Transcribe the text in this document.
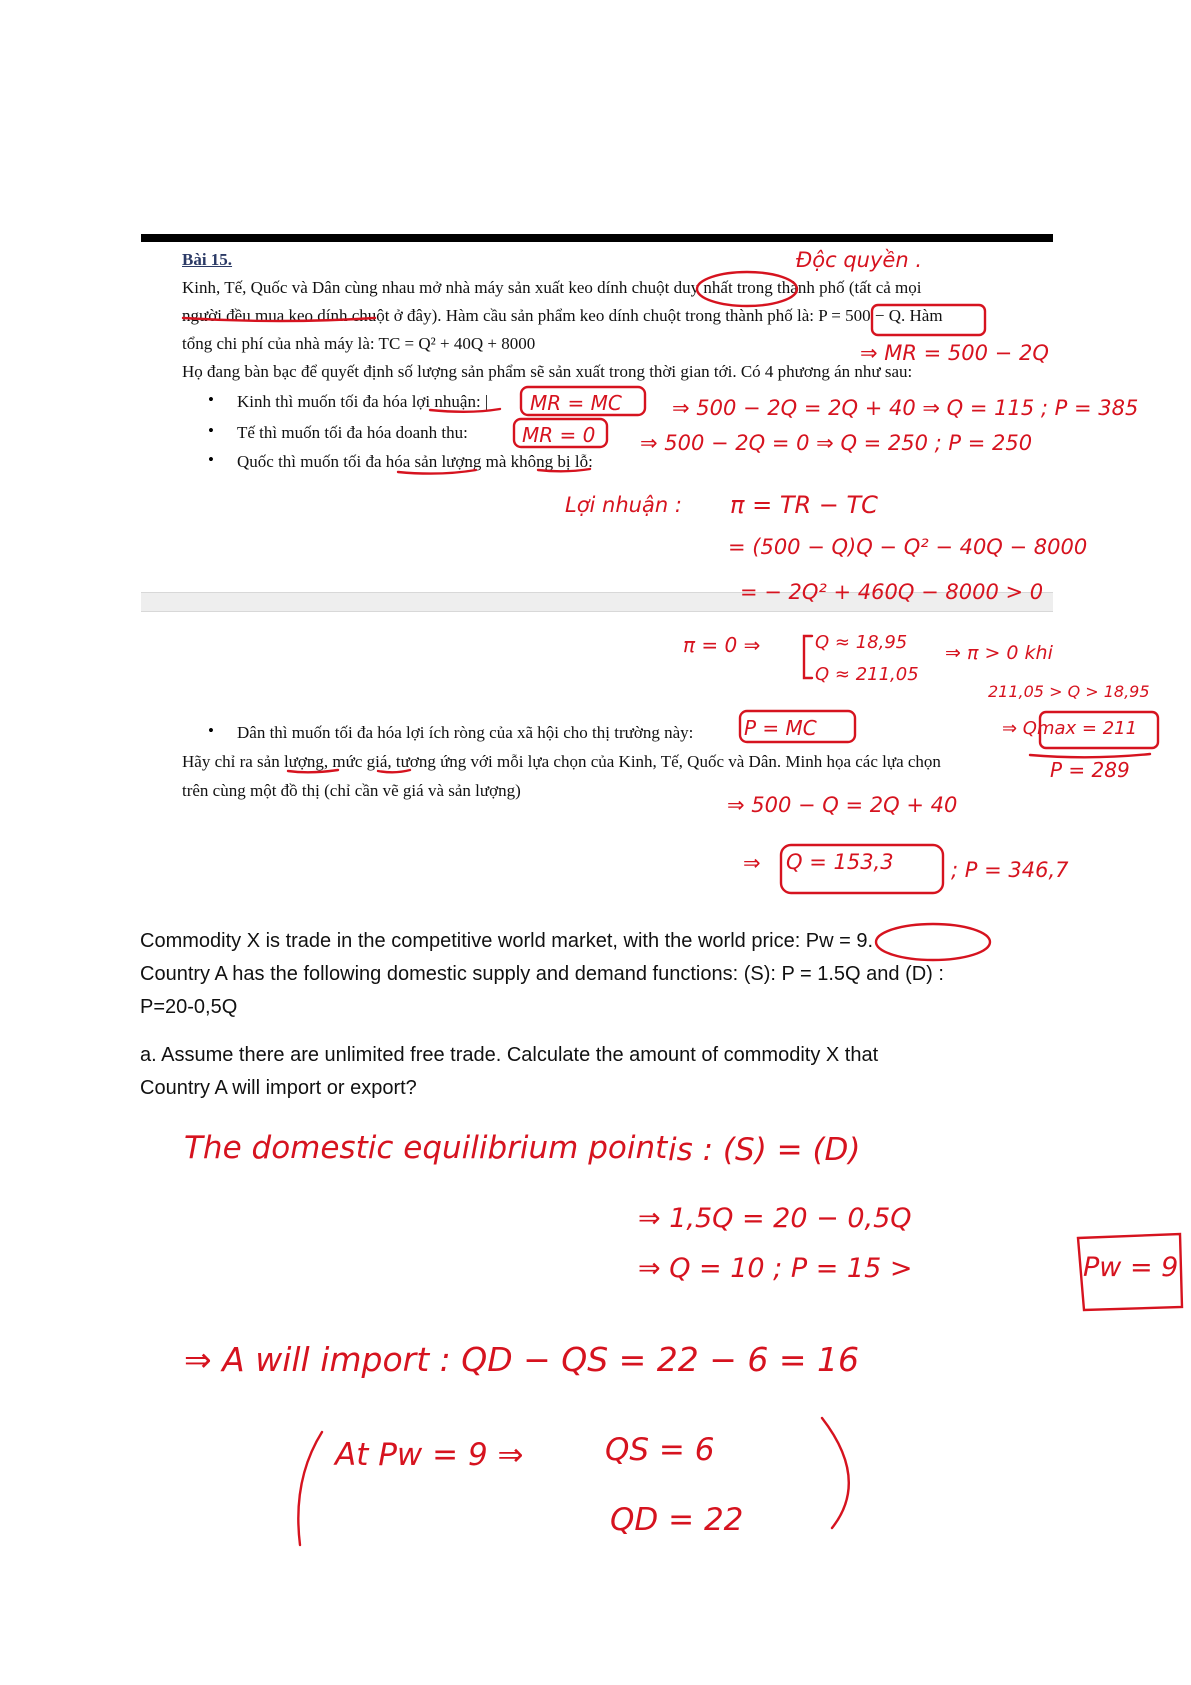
Bài 15.
Kinh, Tế, Quốc và Dân cùng nhau mở nhà máy sản xuất keo dính chuột duy nhất trong thành phố (tất cả mọi
người đều mua keo dính chuột ở đây). Hàm cầu sản phẩm keo dính chuột trong thành phố là: P = 500 − Q. Hàm
tổng chi phí của nhà máy là: TC = Q² + 40Q + 8000
Họ đang bàn bạc để quyết định số lượng sản phẩm sẽ sản xuất trong thời gian tới. Có 4 phương án như sau:
• Kinh thì muốn tối đa hóa lợi nhuận: |
• Tế thì muốn tối đa hóa doanh thu:
• Quốc thì muốn tối đa hóa sản lượng mà không bị lỗ:
• Dân thì muốn tối đa hóa lợi ích ròng của xã hội cho thị trường này:
Hãy chỉ ra sản lượng, mức giá, tương ứng với mỗi lựa chọn của Kinh, Tế, Quốc và Dân. Minh họa các lựa chọn
trên cùng một đồ thị (chỉ cần vẽ giá và sản lượng)
Độc quyền .
⇒ MR = 500 − 2Q
MR = MC ⇒ 500 − 2Q = 2Q + 40 ⇒ Q = 115 ; P = 385
MR = 0 ⇒ 500 − 2Q = 0 ⇒ Q = 250 ; P = 250
Lợi nhuận : π = TR − TC
= (500 − Q)Q − Q² − 40Q − 8000
= − 2Q² + 460Q − 8000 > 0
π = 0 ⇒	Q ≈ 18,95
Q ≈ 211,05
⇒ π > 0 khi
211,05 > Q > 18,95
⇒ Qmax = 211
P = 289
P = MC
⇒ 500 − Q = 2Q + 40
Q = 153,3	; P = 346,7
⇒
Commodity X is trade in the competitive world market, with the world price: Pw = 9.
Country A has the following domestic supply and demand functions: (S): P = 1.5Q and (D) :
P=20-0,5Q
a. Assume there are unlimited free trade. Calculate the amount of commodity X that
Country A will import or export?
The domestic equilibrium point is : (S) = (D)
⇒ 1,5Q = 20 − 0,5Q
⇒ Q = 10 ; P = 15 >	Pw = 9
⇒ A will import : QD − QS = 22 − 6 = 16
At Pw = 9 ⇒	QS = 6
QD = 22
